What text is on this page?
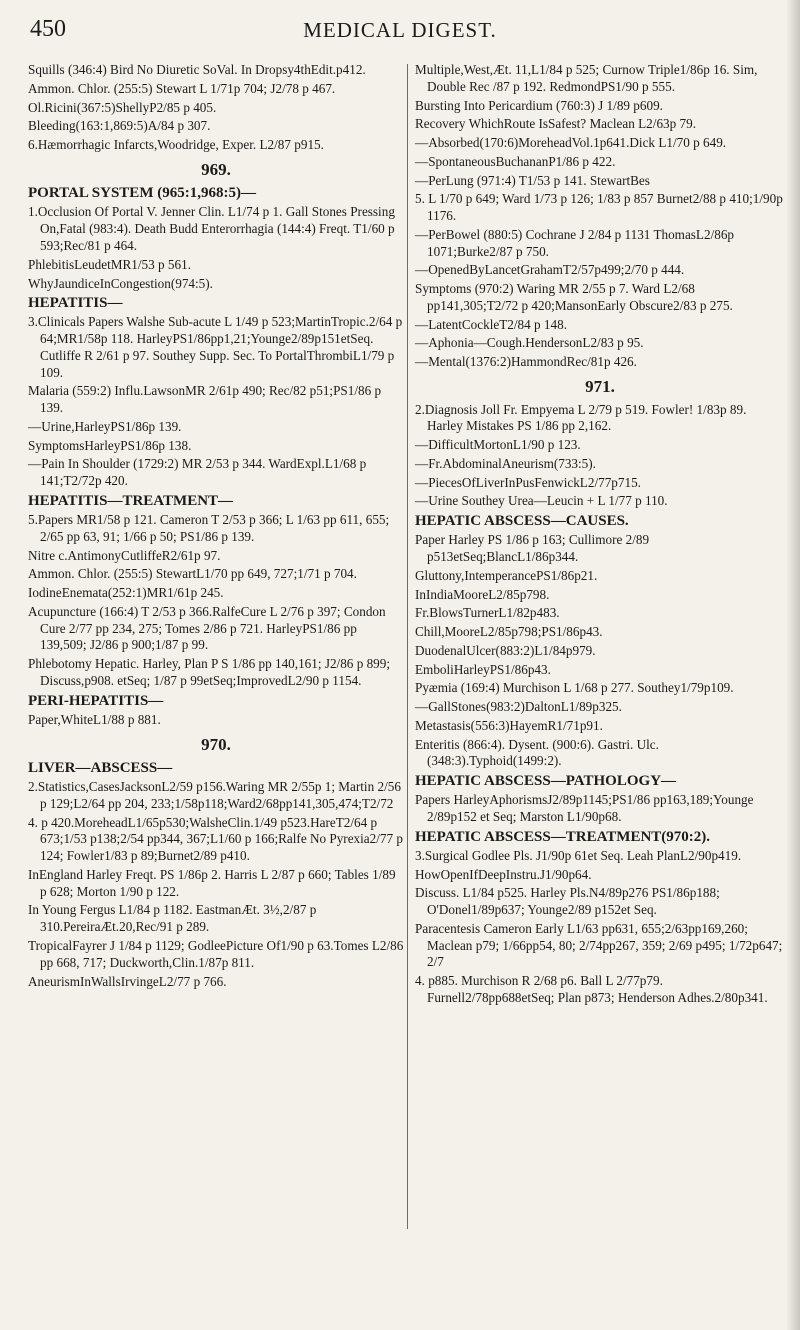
450	MEDICAL DIGEST.
Squills (346:4) Bird No Diuretic SoVal. In Dropsy4thEdit.p412.
Ammon. Chlor. (255:5) Stewart L 1/71p 704; J2/78 p 467.
Ol.Ricini(367:5)ShellyP2/85 p 405.
Bleeding(163:1,869:5)A/84 p 307.
6.Hæmorrhagic Infarcts,Woodridge, Exper. L2/87 p915.
969.
PORTAL SYSTEM (965:1,968:5)—
1.Occlusion Of Portal V. Jenner Clin. L1/74 p 1. Gall Stones Pressing On,Fatal (983:4). Death Budd Enterorrhagia (144:4) Freqt. T1/60 p 593;Rec/81 p 464.
PhlebitisLeudetMR1/53 p 561.
WhyJaundiceInCongestion(974:5).
HEPATITIS—
3.Clinicals Papers Walshe Sub-acute L 1/49 p 523;MartinTropic.2/64 p 64;MR1/58p 118. HarleyPS1/86pp1,21;Younge2/89p151etSeq. Cutliffe R 2/61 p 97. Southey Supp. Sec. To PortalThrombiL1/79 p 109.
Malaria (559:2) Influ.LawsonMR 2/61p 490; Rec/82 p51;PS1/86 p 139.
—Urine,HarleyPS1/86p 139.
SymptomsHarleyPS1/86p 138.
—Pain In Shoulder (1729:2) MR 2/53 p 344. WardExpl.L1/68 p 141;T2/72p 420.
HEPATITIS—TREATMENT—
5.Papers MR1/58 p 121. Cameron T 2/53 p 366; L 1/63 pp 611, 655; 2/65 pp 63, 91; 1/66 p 50; PS1/86 p 139.
Nitre c.AntimonyCutliffeR2/61p 97.
Ammon. Chlor. (255:5) StewartL1/70 pp 649, 727;1/71 p 704.
IodineEnemata(252:1)MR1/61p 245.
Acupuncture (166:4) T 2/53 p 366.RalfeCure L 2/76 p 397; Condon Cure 2/77 pp 234, 275; Tomes 2/86 p 721. HarleyPS1/86 pp 139,509; J2/86 p 900;1/87 p 99.
Phlebotomy Hepatic. Harley, Plan P S 1/86 pp 140,161; J2/86 p 899; Discuss,p908. etSeq; 1/87 p 99etSeq;ImprovedL2/90 p 1154.
PERI-HEPATITIS—
Paper,WhiteL1/88 p 881.
970.
LIVER—ABSCESS—
2.Statistics,CasesJacksonL2/59 p156.Waring MR 2/55p 1; Martin 2/56 p 129;L2/64 pp 204, 233;1/58p118;Ward2/68pp141,305,474;T2/72
4. p 420.MoreheadL1/65p530;WalsheClin.1/49 p523.HareT2/64 p 673;1/53 p138;2/54 pp344, 367;L1/60 p 166;Ralfe No Pyrexia2/77 p 124; Fowler1/83 p 89;Burnet2/89 p410.
InEngland Harley Freqt. PS 1/86p 2. Harris L 2/87 p 660; Tables 1/89 p 628; Morton 1/90 p 122.
In Young Fergus L1/84 p 1182. EastmanÆt. 3½,2/87 p 310.PereiraÆt.20,Rec/91 p 289.
TropicalFayrer J 1/84 p 1129; GodleePicture Of1/90 p 63.Tomes L2/86 pp 668, 717; Duckworth,Clin.1/87p 811.
AneurismInWallsIrvingeL2/77 p 766.
Multiple,West,Æt. 11,L1/84 p 525; Curnow Triple1/86p 16. Sim, Double Rec /87 p 192. RedmondPS1/90 p 555.
Bursting Into Pericardium (760:3) J 1/89 p609.
Recovery WhichRoute IsSafest? Maclean L2/63p 79.
—Absorbed(170:6)MoreheadVol.1p641.Dick L1/70 p 649.
—SpontaneousBuchananP1/86 p 422.
—PerLung (971:4) T1/53 p 141. StewartBes
5. L 1/70 p 649; Ward 1/73 p 126; 1/83 p 857 Burnet2/88 p 410;1/90p 1176.
—PerBowel (880:5) Cochrane J 2/84 p 1131 ThomasL2/86p 1071;Burke2/87 p 750.
—OpenedByLancetGrahamT2/57p499;2/70 p 444.
Symptoms (970:2) Waring MR 2/55 p 7. Ward L2/68 pp141,305;T2/72 p 420;MansonEarly Obscure2/83 p 275.
—LatentCockleT2/84 p 148.
—Aphonia—Cough.HendersonL2/83 p 95.
—Mental(1376:2)HammondRec/81p 426.
971.
2.Diagnosis Joll Fr. Empyema L 2/79 p 519. Fowler! 1/83p 89. Harley Mistakes PS 1/86 pp 2,162.
—DifficultMortonL1/90 p 123.
—Fr.AbdominalAneurism(733:5).
—PiecesOfLiverInPusFenwickL2/77p715.
—Urine Southey Urea—Leucin + L 1/77 p 110.
HEPATIC ABSCESS—CAUSES.
Paper Harley PS 1/86 p 163; Cullimore 2/89 p513etSeq;BlancL1/86p344.
Gluttony,IntemperancePS1/86p21.
InIndiaMooreL2/85p798.
Fr.BlowsTurnerL1/82p483.
Chill,MooreL2/85p798;PS1/86p43.
DuodenalUlcer(883:2)L1/84p979.
EmboliHarleyPS1/86p43.
Pyæmia (169:4) Murchison L 1/68 p 277. Southey1/79p109.
—GallStones(983:2)DaltonL1/89p325.
Metastasis(556:3)HayemR1/71p91.
Enteritis (866:4). Dysent. (900:6). Gastri. Ulc.(348:3).Typhoid(1499:2).
HEPATIC ABSCESS—PATHOLOGY—
Papers HarleyAphorismsJ2/89p1145;PS1/86 pp163,189;Younge 2/89p152 et Seq; Marston L1/90p68.
HEPATIC ABSCESS—TREATMENT(970:2).
3.Surgical Godlee Pls. J1/90p 61et Seq. Leah PlanL2/90p419.
HowOpenIfDeepInstru.J1/90p64.
Discuss. L1/84 p525. Harley Pls.N4/89p276 PS1/86p188; O'Donel1/89p637; Younge2/89 p152et Seq.
Paracentesis Cameron Early L1/63 pp631, 655;2/63pp169,260; Maclean p79; 1/66pp54, 80; 2/74pp267, 359; 2/69 p495; 1/72p647; 2/7
4. p885. Murchison R 2/68 p6. Ball L 2/77p79. Furnell2/78pp688etSeq; Plan p873; Henderson Adhes.2/80p341.
